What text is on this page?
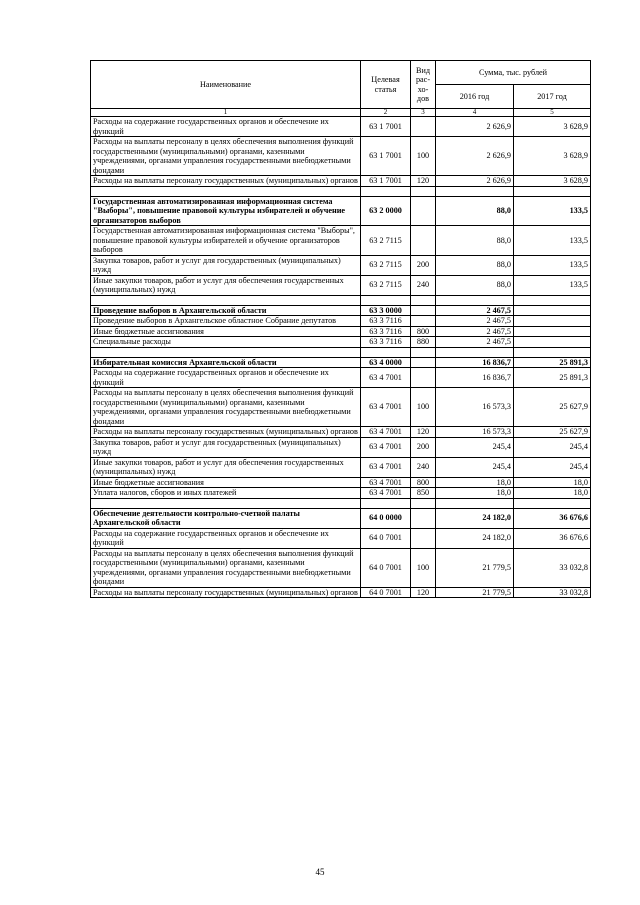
Наименование	Целевая статья	Вид рас-хо-дов	Сумма, тыс. рублей	
			2016 год	2017 год
1	2	3	4	5
Расходы на содержание государственных органов и обеспечение их функций	63 1 7001		2 626,9	3 628,9
Расходы на выплаты персоналу в целях обеспечения выполнения функций государственными (муниципальными) органами, казенными учреждениями, органами управления государственными внебюджетными фондами	63 1 7001	100	2 626,9	3 628,9
Расходы на выплаты персоналу государственных (муниципальных) органов	63 1 7001	120	2 626,9	3 628,9

Государственная автоматизированная информационная система "Выборы", повышение правовой культуры избирателей и обучение организаторов выборов	63 2 0000		88,0	133,5
Государственная автоматизированная информационная система "Выборы", повышение правовой культуры избирателей и обучение организаторов выборов	63 2 7115		88,0	133,5
Закупка товаров, работ и услуг для государственных (муниципальных) нужд	63 2 7115	200	88,0	133,5
Иные закупки товаров, работ и услуг для обеспечения государственных (муниципальных) нужд	63 2 7115	240	88,0	133,5

Проведение выборов в Архангельской области	63 3 0000		2 467,5	
Проведение выборов в Архангельское областное Собрание депутатов	63 3 7116		2 467,5	
Иные бюджетные ассигнования	63 3 7116	800	2 467,5	
Специальные расходы	63 3 7116	880	2 467,5	

Избирательная комиссия Архангельской области	63 4 0000		16 836,7	25 891,3
Расходы на содержание государственных органов и обеспечение их функций	63 4 7001		16 836,7	25 891,3
Расходы на выплаты персоналу в целях обеспечения выполнения функций государственными (муниципальными) органами, казенными учреждениями, органами управления государственными внебюджетными фондами	63 4 7001	100	16 573,3	25 627,9
Расходы на выплаты персоналу государственных (муниципальных) органов	63 4 7001	120	16 573,3	25 627,9
Закупка товаров, работ и услуг для государственных (муниципальных) нужд	63 4 7001	200	245,4	245,4
Иные закупки товаров, работ и услуг для обеспечения государственных (муниципальных) нужд	63 4 7001	240	245,4	245,4
Иные бюджетные ассигнования	63 4 7001	800	18,0	18,0
Уплата налогов, сборов и иных платежей	63 4 7001	850	18,0	18,0

Обеспечение деятельности контрольно-счетной палаты Архангельской области	64 0 0000		24 182,0	36 676,6
Расходы на содержание государственных органов и обеспечение их функций	64 0 7001		24 182,0	36 676,6
Расходы на выплаты персоналу в целях обеспечения выполнения функций государственными (муниципальными) органами, казенными учреждениями, органами управления государственными внебюджетными фондами	64 0 7001	100	21 779,5	33 032,8
Расходы на выплаты персоналу государственных (муниципальных) органов	64 0 7001	120	21 779,5	33 032,8
45
